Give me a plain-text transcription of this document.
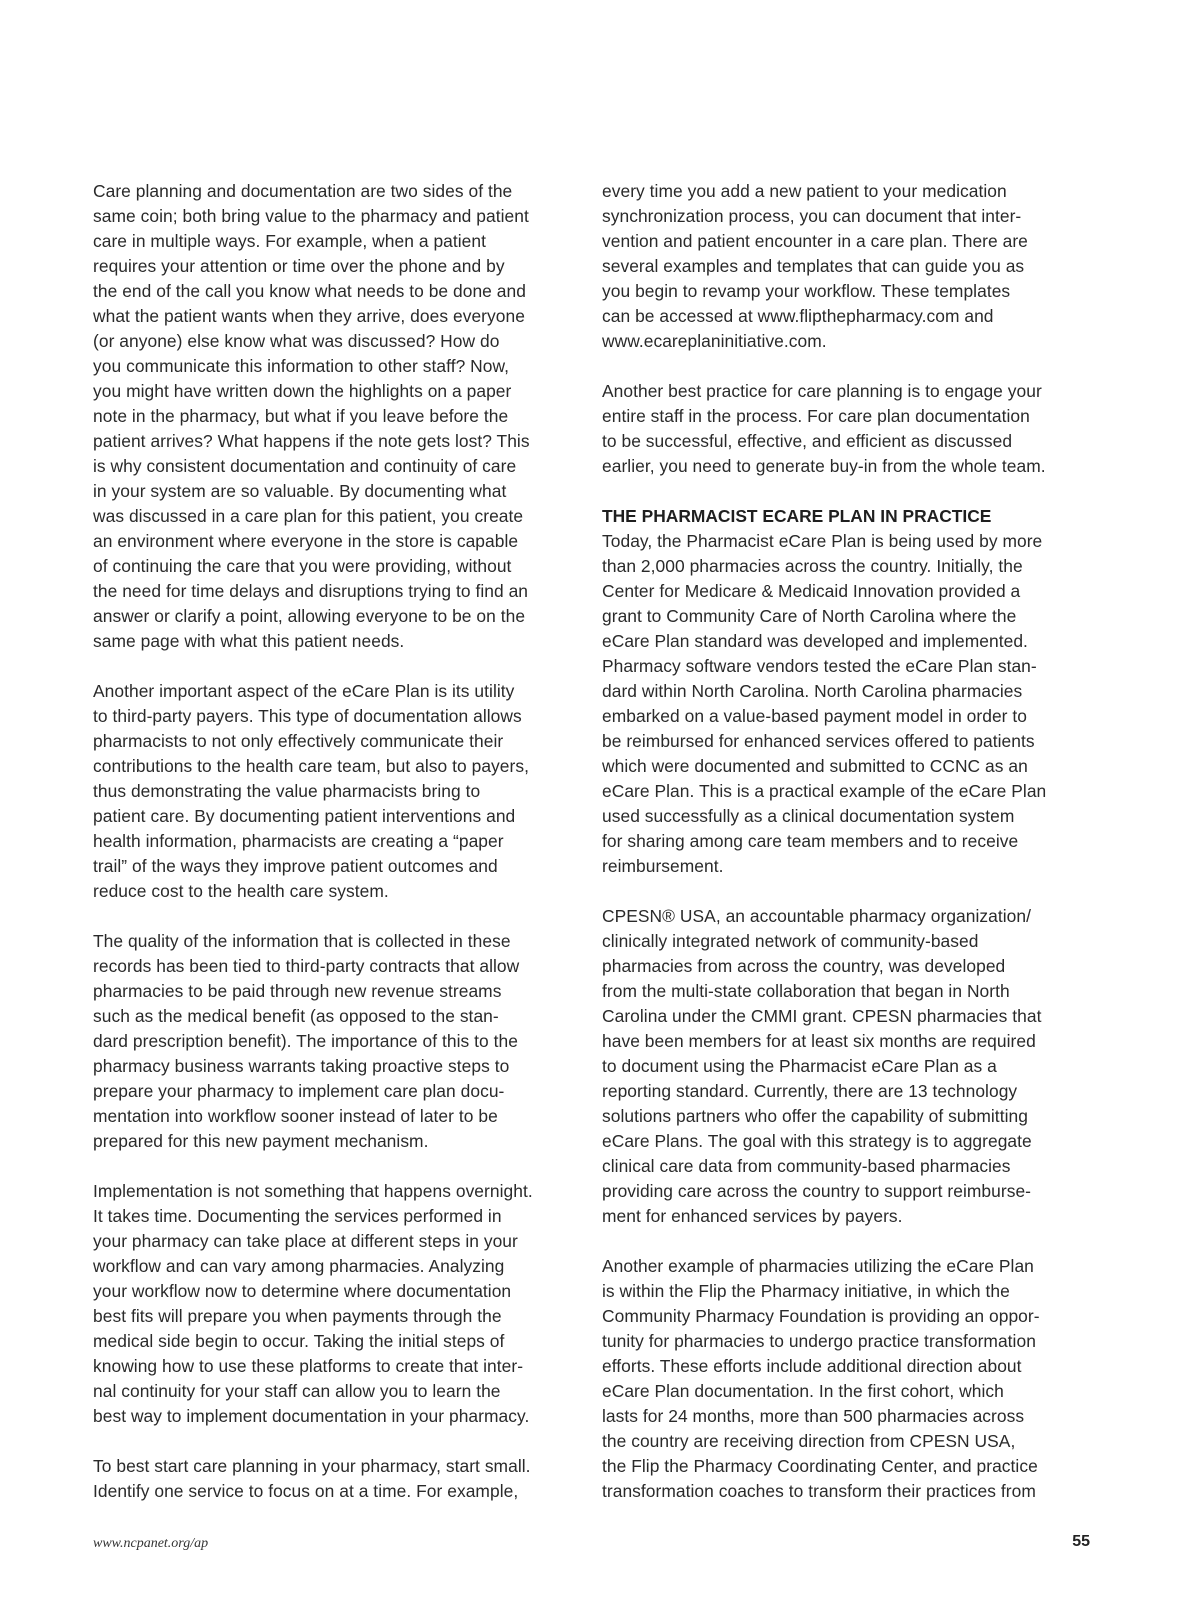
Care planning and documentation are two sides of the
same coin; both bring value to the pharmacy and patient
care in multiple ways. For example, when a patient
requires your attention or time over the phone and by
the end of the call you know what needs to be done and
what the patient wants when they arrive, does everyone
(or anyone) else know what was discussed? How do
you communicate this information to other staff? Now,
you might have written down the highlights on a paper
note in the pharmacy, but what if you leave before the
patient arrives? What happens if the note gets lost? This
is why consistent documentation and continuity of care
in your system are so valuable. By documenting what
was discussed in a care plan for this patient, you create
an environment where everyone in the store is capable
of continuing the care that you were providing, without
the need for time delays and disruptions trying to find an
answer or clarify a point, allowing everyone to be on the
same page with what this patient needs.

Another important aspect of the eCare Plan is its utility
to third-party payers. This type of documentation allows
pharmacists to not only effectively communicate their
contributions to the health care team, but also to payers,
thus demonstrating the value pharmacists bring to
patient care. By documenting patient interventions and
health information, pharmacists are creating a “paper
trail” of the ways they improve patient outcomes and
reduce cost to the health care system.

The quality of the information that is collected in these
records has been tied to third-party contracts that allow
pharmacies to be paid through new revenue streams
such as the medical benefit (as opposed to the stan-
dard prescription benefit). The importance of this to the
pharmacy business warrants taking proactive steps to
prepare your pharmacy to implement care plan docu-
mentation into workflow sooner instead of later to be
prepared for this new payment mechanism.

Implementation is not something that happens overnight.
It takes time. Documenting the services performed in
your pharmacy can take place at different steps in your
workflow and can vary among pharmacies. Analyzing
your workflow now to determine where documentation
best fits will prepare you when payments through the
medical side begin to occur. Taking the initial steps of
knowing how to use these platforms to create that inter-
nal continuity for your staff can allow you to learn the
best way to implement documentation in your pharmacy.

To best start care planning in your pharmacy, start small.
Identify one service to focus on at a time. For example,

every time you add a new patient to your medication
synchronization process, you can document that inter-
vention and patient encounter in a care plan. There are
several examples and templates that can guide you as
you begin to revamp your workflow. These templates
can be accessed at www.flipthepharmacy.com and
www.ecareplaninitiative.com.

Another best practice for care planning is to engage your
entire staff in the process. For care plan documentation
to be successful, effective, and efficient as discussed
earlier, you need to generate buy-in from the whole team.

THE PHARMACIST ECARE PLAN IN PRACTICE

Today, the Pharmacist eCare Plan is being used by more
than 2,000 pharmacies across the country. Initially, the
Center for Medicare & Medicaid Innovation provided a
grant to Community Care of North Carolina where the
eCare Plan standard was developed and implemented.
Pharmacy software vendors tested the eCare Plan stan-
dard within North Carolina. North Carolina pharmacies
embarked on a value-based payment model in order to
be reimbursed for enhanced services offered to patients
which were documented and submitted to CCNC as an
eCare Plan. This is a practical example of the eCare Plan
used successfully as a clinical documentation system
for sharing among care team members and to receive
reimbursement.

CPESN® USA, an accountable pharmacy organization/
clinically integrated network of community-based
pharmacies from across the country, was developed
from the multi-state collaboration that began in North
Carolina under the CMMI grant. CPESN pharmacies that
have been members for at least six months are required
to document using the Pharmacist eCare Plan as a
reporting standard. Currently, there are 13 technology
solutions partners who offer the capability of submitting
eCare Plans. The goal with this strategy is to aggregate
clinical care data from community-based pharmacies
providing care across the country to support reimburse-
ment for enhanced services by payers.

Another example of pharmacies utilizing the eCare Plan
is within the Flip the Pharmacy initiative, in which the
Community Pharmacy Foundation is providing an oppor-
tunity for pharmacies to undergo practice transformation
efforts. These efforts include additional direction about
eCare Plan documentation. In the first cohort, which
lasts for 24 months, more than 500 pharmacies across
the country are receiving direction from CPESN USA,
the Flip the Pharmacy Coordinating Center, and practice
transformation coaches to transform their practices from

www.ncpanet.org/ap	55
